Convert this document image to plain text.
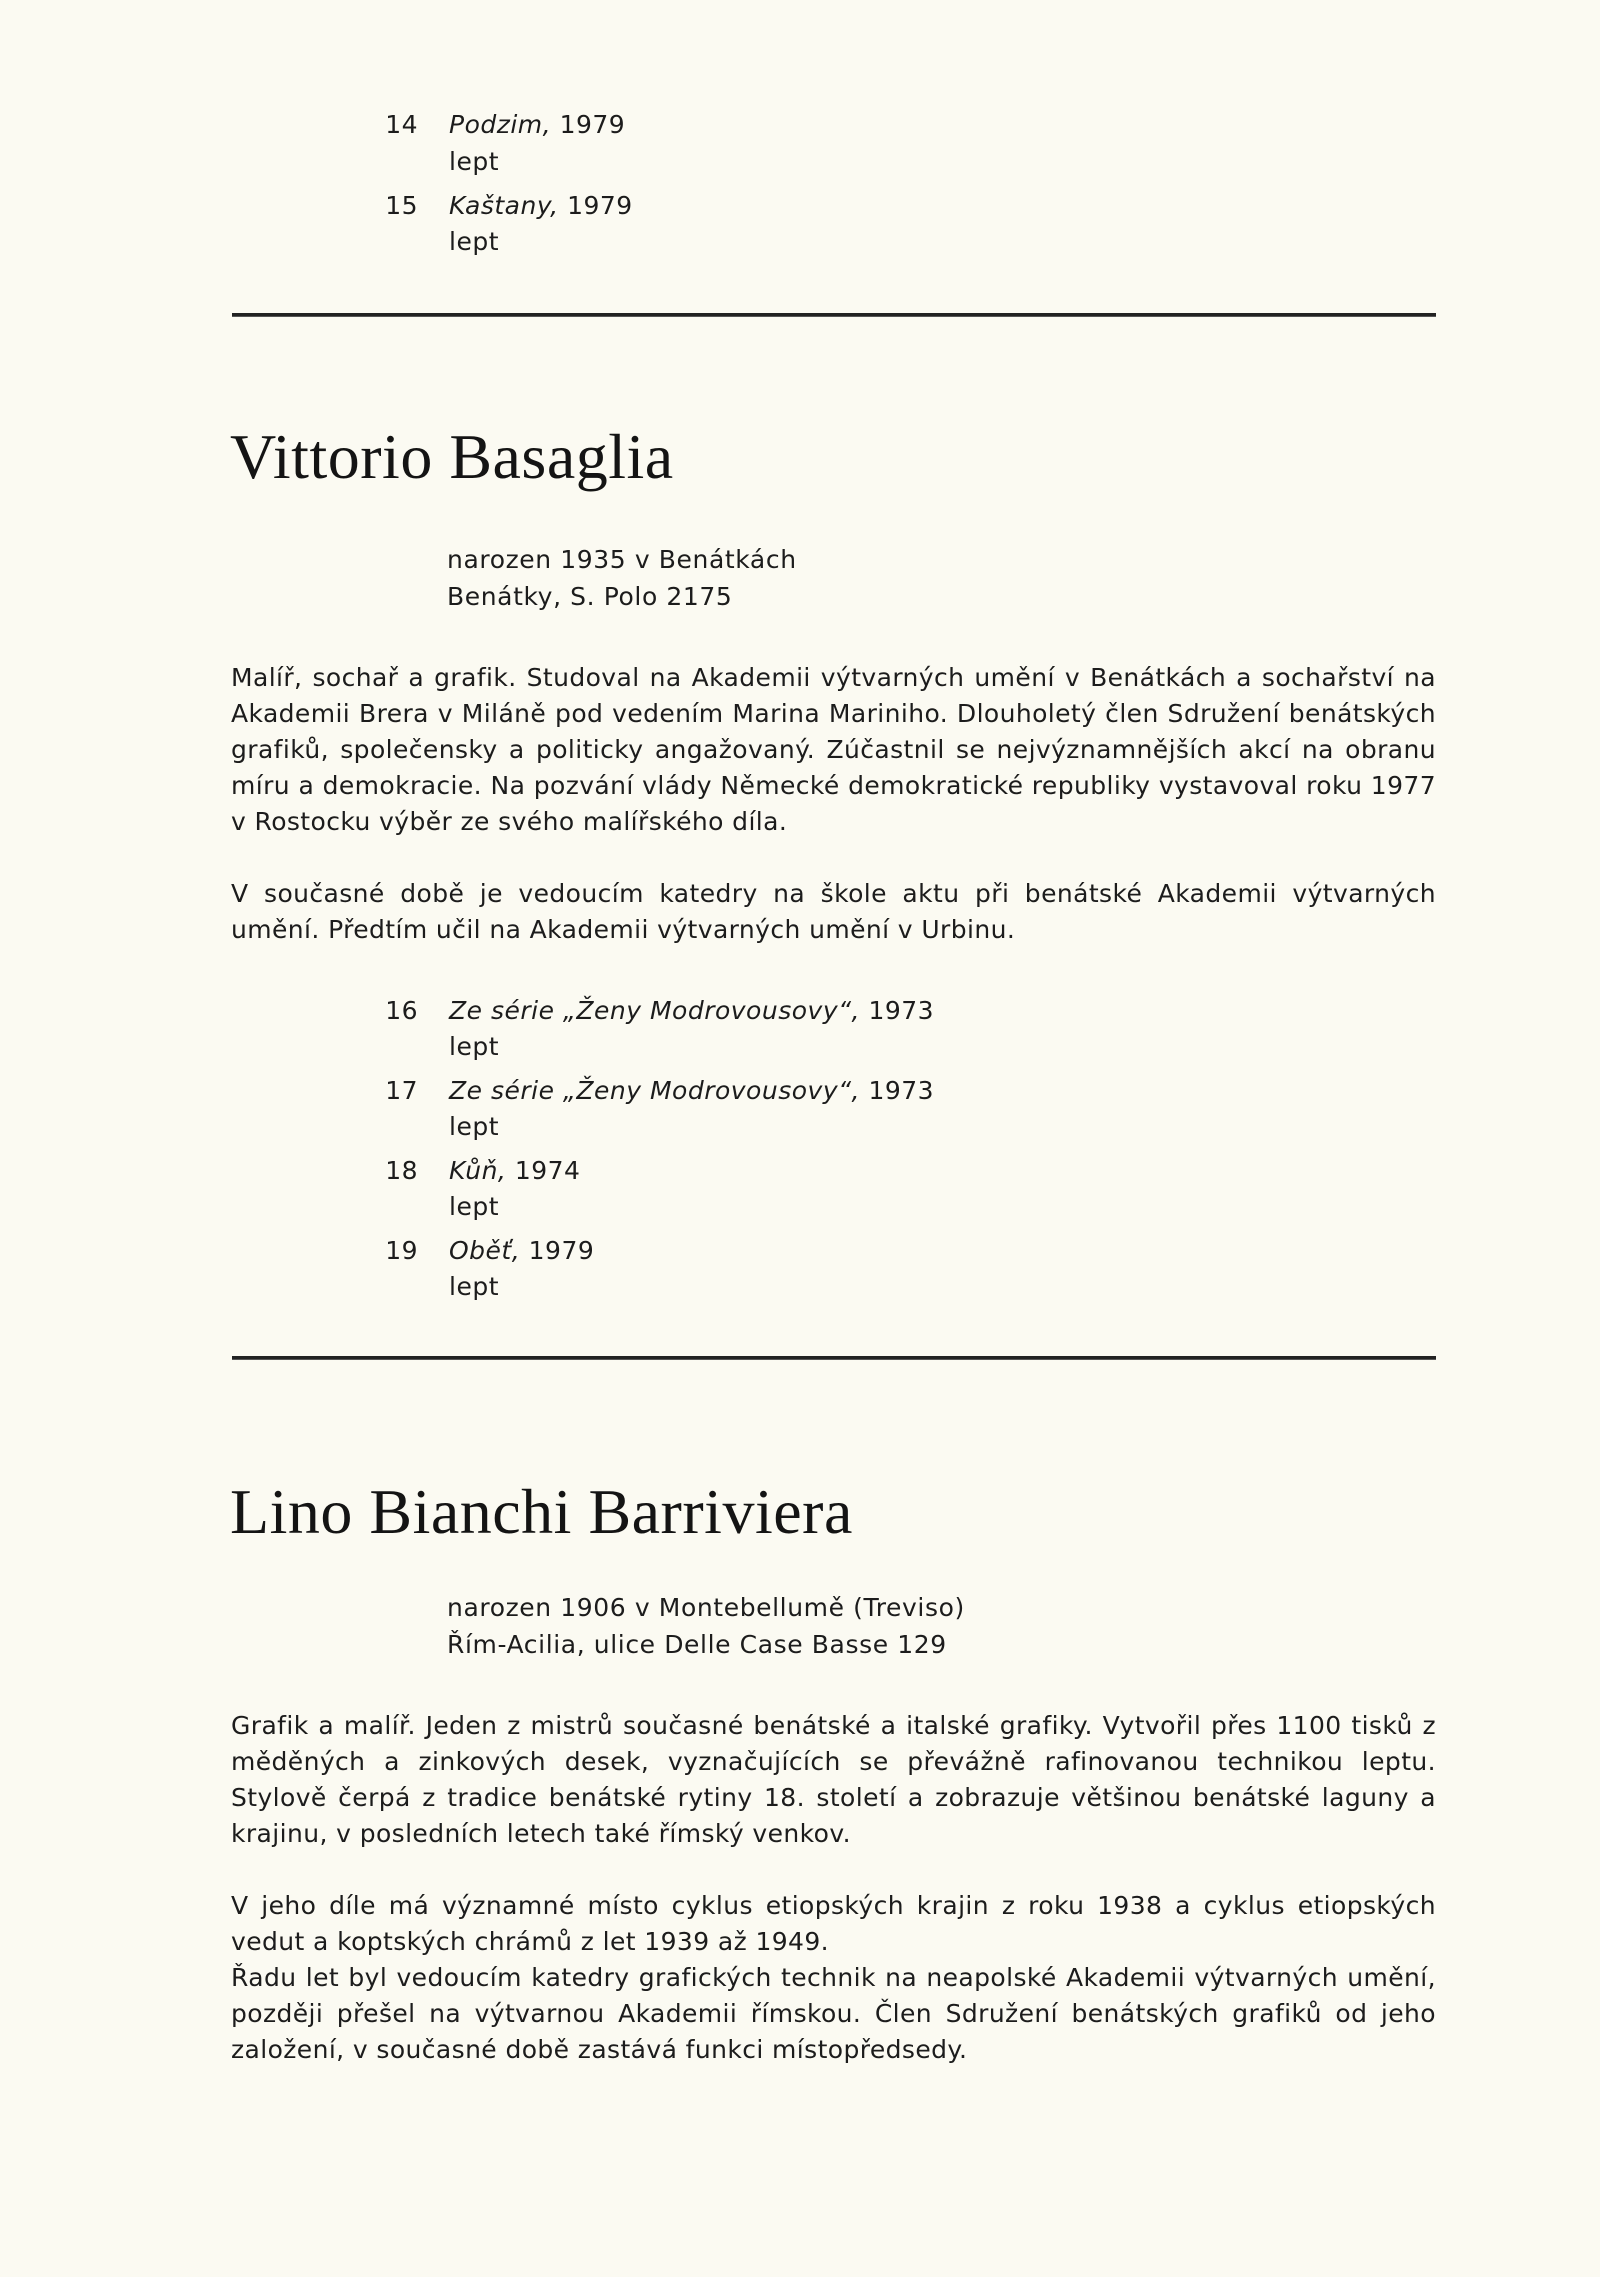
14 Podzim, 1979
lept
15 Kaštany, 1979
lept
Vittorio Basaglia
narozen 1935 v Benátkách
Benátky, S. Polo 2175

Malíř, sochař a grafik. Studoval na Akademii výtvarných umění v Benátkách a sochařství na Akademii Brera v Miláně pod vedením Marina Mariniho. Dlouholetý člen Sdružení benátských grafiků, společensky a politicky angažovaný. Zúčastnil se nejvýznamnějších akcí na obranu míru a demokracie. Na pozvání vlády Německé demokratické republiky vystavoval roku 1977 v Rostocku výběr ze svého malířského díla.

V současné době je vedoucím katedry na škole aktu při benátské Akademii výtvarných umění. Předtím učil na Akademii výtvarných umění v Urbinu.

16 Ze série „Ženy Modrovousovy“, 1973
lept
17 Ze série „Ženy Modrovousovy“, 1973
lept
18 Kůň, 1974
lept
19 Oběť, 1979
lept
Lino Bianchi Barriviera
narozen 1906 v Montebellumě (Treviso)
Řím-Acilia, ulice Delle Case Basse 129

Grafik a malíř. Jeden z mistrů současné benátské a italské grafiky. Vytvořil přes 1100 tisků z měděných a zinkových desek, vyznačujících se převážně rafinovanou technikou leptu. Stylově čerpá z tradice benátské rytiny 18. století a zobrazuje většinou benátské laguny a krajinu, v posledních letech také římský venkov.

V jeho díle má významné místo cyklus etiopských krajin z roku 1938 a cyklus etiopských vedut a koptských chrámů z let 1939 až 1949.

Řadu let byl vedoucím katedry grafických technik na neapolské Akademii výtvarných umění, později přešel na výtvarnou Akademii římskou. Člen Sdružení benátských grafiků od jeho založení, v současné době zastává funkci místopředsedy.
